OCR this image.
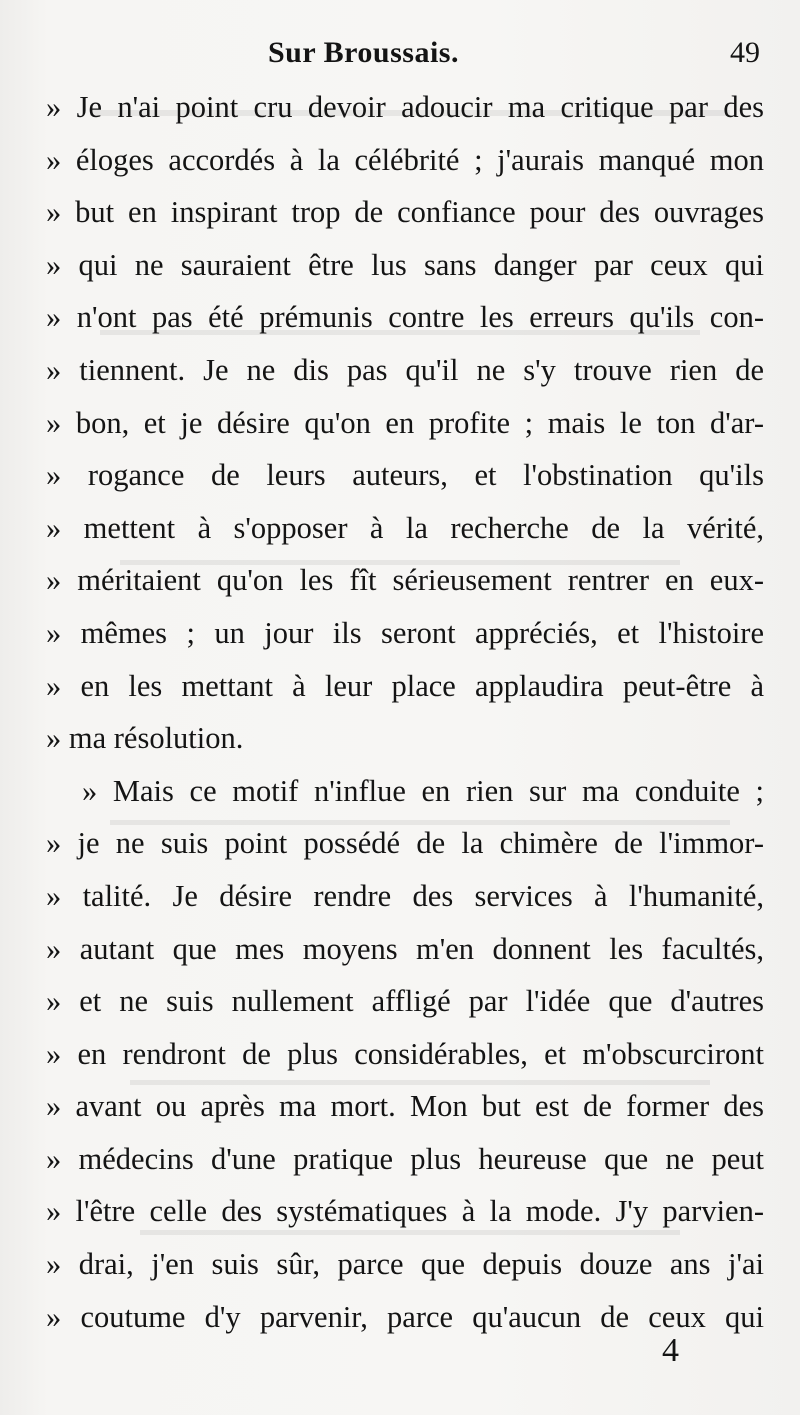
Sur Broussais.	49
» Je n'ai point cru devoir adoucir ma critique par des
» éloges accordés à la célébrité ; j'aurais manqué mon
» but en inspirant trop de confiance pour des ouvrages
» qui ne sauraient être lus sans danger par ceux qui
» n'ont pas été prémunis contre les erreurs qu'ils con-
» tiennent. Je ne dis pas qu'il ne s'y trouve rien de
» bon, et je désire qu'on en profite ; mais le ton d'ar-
» rogance de leurs auteurs, et l'obstination qu'ils
» mettent à s'opposer à la recherche de la vérité,
» méritaient qu'on les fît sérieusement rentrer en eux-
» mêmes ; un jour ils seront appréciés, et l'histoire
» en les mettant à leur place applaudira peut-être à
» ma résolution.
» Mais ce motif n'influe en rien sur ma conduite ;
» je ne suis point possédé de la chimère de l'immor-
» talité. Je désire rendre des services à l'humanité,
» autant que mes moyens m'en donnent les facultés,
» et ne suis nullement affligé par l'idée que d'autres
» en rendront de plus considérables, et m'obscurciront
» avant ou après ma mort. Mon but est de former des
» médecins d'une pratique plus heureuse que ne peut
» l'être celle des systématiques à la mode. J'y parvien-
» drai, j'en suis sûr, parce que depuis douze ans j'ai
» coutume d'y parvenir, parce qu'aucun de ceux qui
4
